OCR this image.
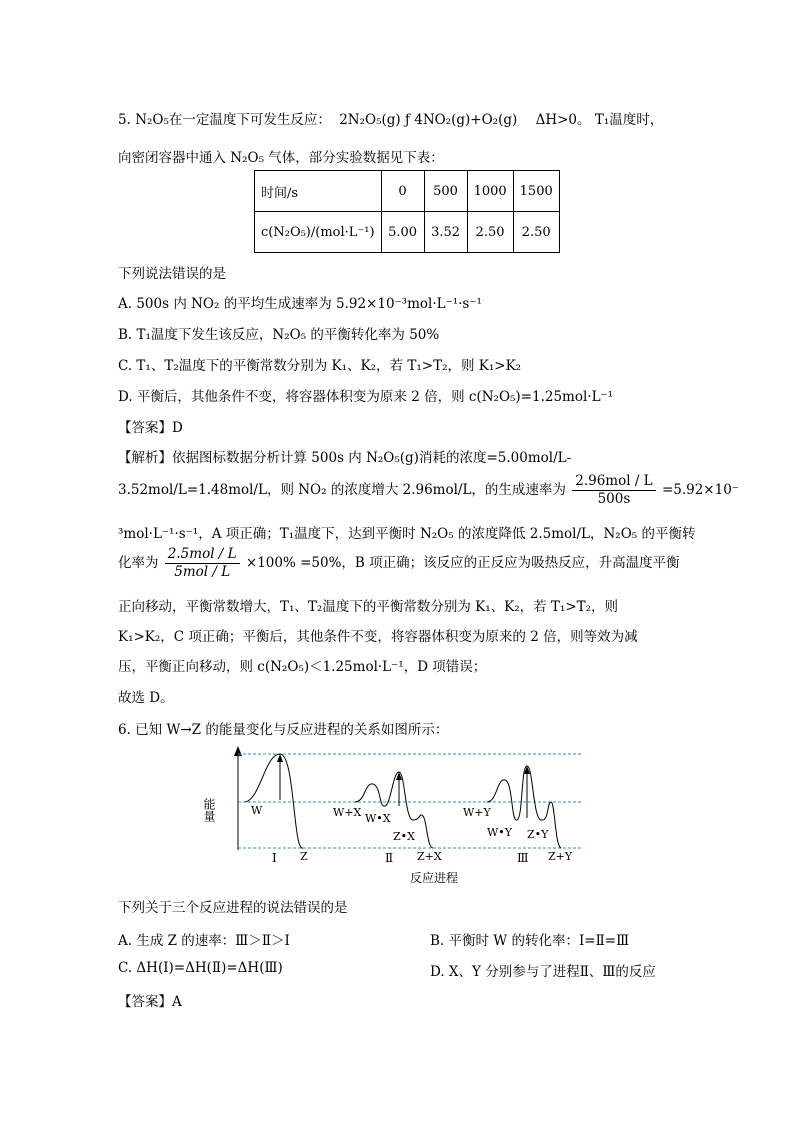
5. N₂O₅在一定温度下可发生反应： 2N₂O₅(g) ƒ 4NO₂(g)+O₂(g) ΔH>0。 T₁温度时，
向密闭容器中通入 N₂O₅ 气体，部分实验数据见下表：
时间/s	0	500	1000	1500
c(N₂O₅)/(mol·L⁻¹)	5.00	3.52	2.50	2.50
下列说法错误的是
A. 500s 内 NO₂ 的平均生成速率为 5.92×10⁻³mol·L⁻¹·s⁻¹
B. T₁温度下发生该反应，N₂O₅ 的平衡转化率为 50%
C. T₁、T₂温度下的平衡常数分别为 K₁、K₂，若 T₁>T₂，则 K₁>K₂
D. 平衡后，其他条件不变，将容器体积变为原来 2 倍，则 c(N₂O₅)=1.25mol·L⁻¹
【答案】D
【解析】依据图标数据分析计算 500s 内 N₂O₅(g)消耗的浓度=5.00mol/L-
3.52mol/L=1.48mol/L，则 NO₂ 的浓度增大 2.96mol/L，的生成速率为 $\frac{\text{2.96mol / L}}{500s} =5.92\times 10^-$
³mol·L⁻¹·s⁻¹，A 项正确；T₁温度下，达到平衡时 N₂O₅ 的浓度降低 2.5mol/L，N₂O₅ 的平衡转
化率为 $\frac{\text{2.5mol / L}}{\text{5mol / L}} \times 100\% =50\%$，B 项正确；该反应的正反应为吸热反应，升高温度平衡
正向移动，平衡常数增大，T₁、T₂温度下的平衡常数分别为 K₁、K₂，若 T₁>T₂，则
K₁>K₂，C 项正确；平衡后，其他条件不变，将容器体积变为原来的 2 倍，则等效为减
压，平衡正向移动，则 c(N₂O₅)＜1.25mol·L⁻¹，D 项错误；
故选 D。
6. 已知 W→Z 的能量变化与反应进程的关系如图所示：
能量	W
Z
Ⅰ
W+X W•X
Z•X
Ⅱ Z+X
W+Y
W•Y Z•Y
Ⅲ Z+Y
反应进程
下列关于三个反应进程的说法错误的是
A. 生成 Z 的速率：Ⅲ＞Ⅱ＞Ⅰ	B. 平衡时 W 的转化率：Ⅰ=Ⅱ=Ⅲ
C. ΔH(Ⅰ)=ΔH(Ⅱ)=ΔH(Ⅲ)	D. X、Y 分别参与了进程Ⅱ、Ⅲ的反应
【答案】A
